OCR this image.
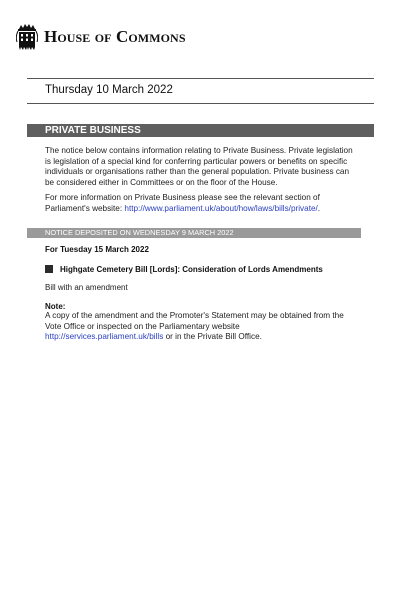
House of Commons
Thursday 10 March 2022
PRIVATE BUSINESS
The notice below contains information relating to Private Business. Private legislation is legislation of a special kind for conferring particular powers or benefits on specific individuals or organisations rather than the general population. Private business can be considered either in Committees or on the floor of the House.
For more information on Private Business please see the relevant section of Parliament's website: http://www.parliament.uk/about/how/laws/bills/private/.
NOTICE DEPOSITED ON WEDNESDAY 9 MARCH 2022
For Tuesday 15 March 2022
Highgate Cemetery Bill [Lords]: Consideration of Lords Amendments
Bill with an amendment
Note:
A copy of the amendment and the Promoter's Statement may be obtained from the Vote Office or inspected on the Parliamentary website http://services.parliament.uk/bills or in the Private Bill Office.
